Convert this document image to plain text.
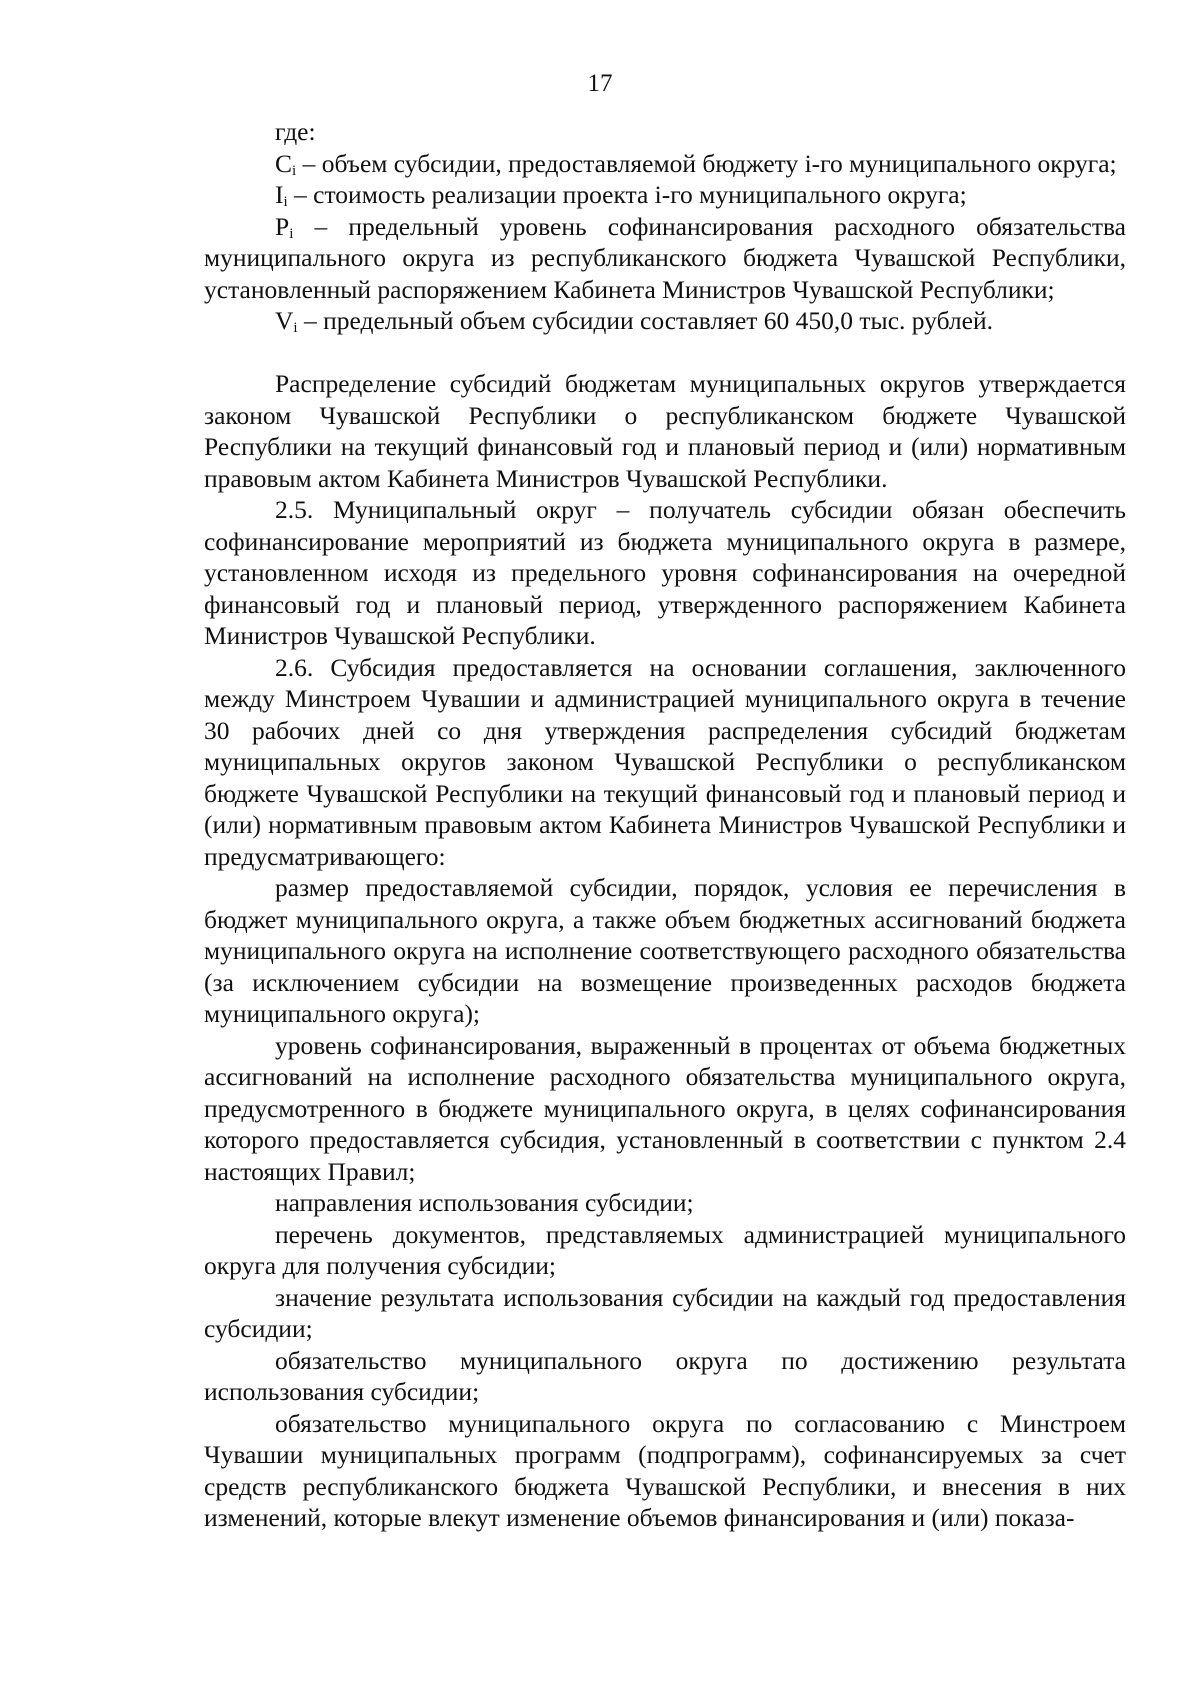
17

где:

$C_i$ – объем субсидии, предоставляемой бюджету i-го муниципального округа;

$I_i$ – стоимость реализации проекта i-го муниципального округа;

$P_i$ – предельный уровень софинансирования расходного обязательства муниципального округа из республиканского бюджета Чувашской Республики, установленный распоряжением Кабинета Министров Чувашской Республики;

$V_i$ – предельный объем субсидии составляет 60 450,0 тыс. рублей.

Распределение субсидий бюджетам муниципальных округов утверждается законом Чувашской Республики о республиканском бюджете Чувашской Республики на текущий финансовый год и плановый период и (или) нормативным правовым актом Кабинета Министров Чувашской Республики.

2.5. Муниципальный округ – получатель субсидии обязан обеспечить софинансирование мероприятий из бюджета муниципального округа в размере, установленном исходя из предельного уровня софинансирования на очередной финансовый год и плановый период, утвержденного распоряжением Кабинета Министров Чувашской Республики.

2.6. Субсидия предоставляется на основании соглашения, заключенного между Минстроем Чувашии и администрацией муниципального округа в течение 30 рабочих дней со дня утверждения распределения субсидий бюджетам муниципальных округов законом Чувашской Республики о республиканском бюджете Чувашской Республики на текущий финансовый год и плановый период и (или) нормативным правовым актом Кабинета Министров Чувашской Республики и предусматривающего:

размер предоставляемой субсидии, порядок, условия ее перечисления в бюджет муниципального округа, а также объем бюджетных ассигнований бюджета муниципального округа на исполнение соответствующего расходного обязательства (за исключением субсидии на возмещение произведенных расходов бюджета муниципального округа);

уровень софинансирования, выраженный в процентах от объема бюджетных ассигнований на исполнение расходного обязательства муниципального округа, предусмотренного в бюджете муниципального округа, в целях софинансирования которого предоставляется субсидия, установленный в соответствии с пунктом 2.4 настоящих Правил;

направления использования субсидии;

перечень документов, представляемых администрацией муниципального округа для получения субсидии;

значение результата использования субсидии на каждый год предоставления субсидии;

обязательство муниципального округа по достижению результата использования субсидии;

обязательство муниципального округа по согласованию с Минстроем Чувашии муниципальных программ (подпрограмм), софинансируемых за счет средств республиканского бюджета Чувашской Республики, и внесения в них изменений, которые влекут изменение объемов финансирования и (или) показа-
